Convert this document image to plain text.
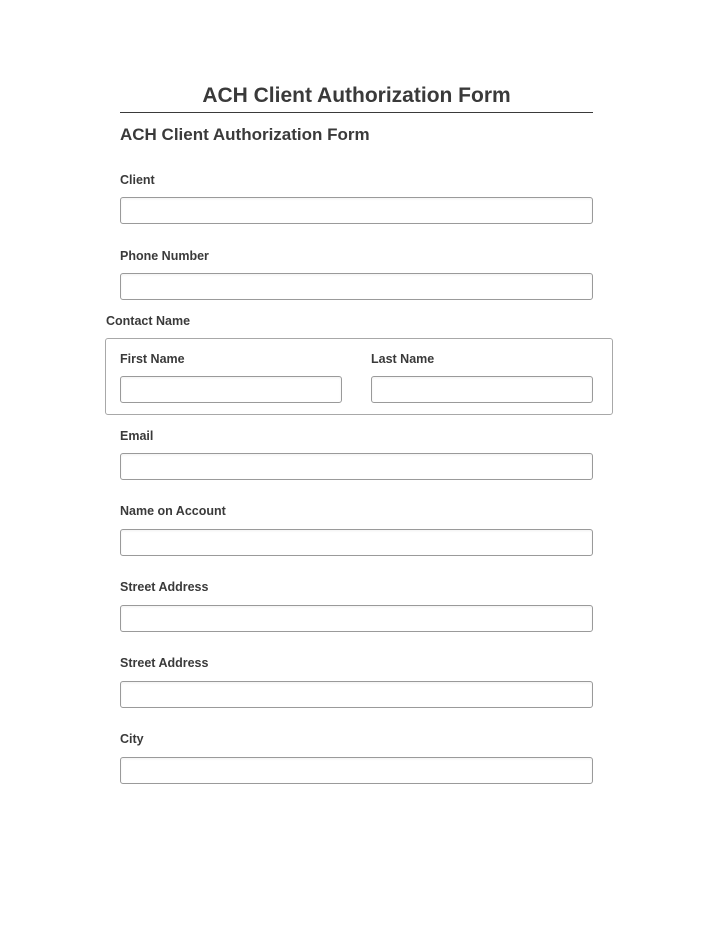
ACH Client Authorization Form
ACH Client Authorization Form
Client
Phone Number
Contact Name
First Name	Last Name
Email
Name on Account
Street Address
Street Address
City
